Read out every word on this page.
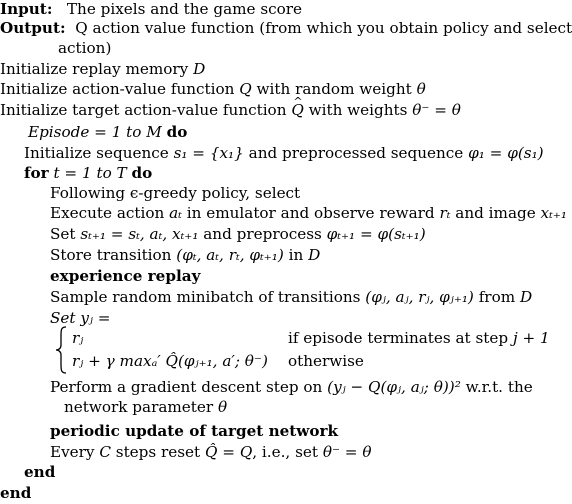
Input: The pixels and the game score
Output: Q action value function (from which you obtain policy and select
action)
Initialize replay memory D
Initialize action-value function Q with random weight θ
Initialize target action-value function ^ Q with weights θ⁻ = θ
Episode = 1 to M do
Initialize sequence s₁ = {x₁} and preprocessed sequence φ₁ = φ(s₁)
for t = 1 to T do
Following ϵ-greedy policy, select
Execute action aₜ in emulator and observe reward rₜ and image xₜ₊₁
Set sₜ₊₁ = sₜ, aₜ, xₜ₊₁ and preprocess φₜ₊₁ = φ(sₜ₊₁)
Store transition (φₜ, aₜ, rₜ, φₜ₊₁) in D
experience replay
Sample random minibatch of transitions (φⱼ, aⱼ, rⱼ, φⱼ₊₁) from D
Set yⱼ =
rⱼ	if episode terminates at step j + 1
rⱼ + γ maxₐ′ Q̂(φⱼ₊₁, a′; θ⁻) otherwise
Perform a gradient descent step on (yⱼ − Q(φⱼ, aⱼ; θ))² w.r.t. the
network parameter θ
periodic update of target network
Every C steps reset Q̂ = Q, i.e., set θ⁻ = θ
end
end
